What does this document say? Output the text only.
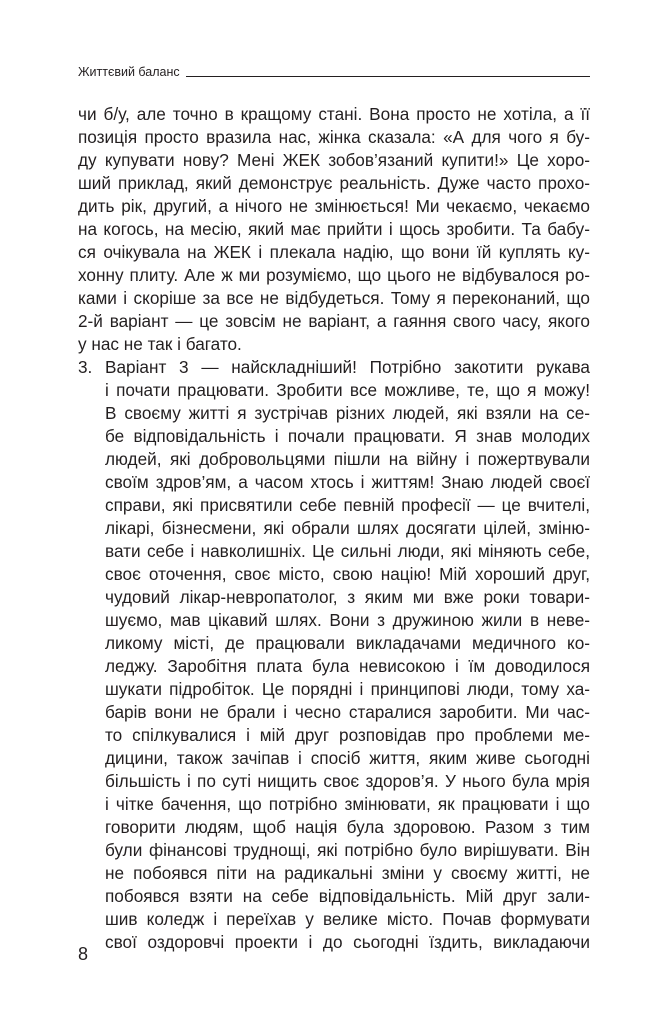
Життєвий баланс
чи б/у, але точно в кращому стані. Вона просто не хотіла, а її
позиція просто вразила нас, жінка сказала: «А для чого я бу-
ду купувати нову? Мені ЖЕК зобов’язаний купити!» Це хоро-
ший приклад, який демонструє реальність. Дуже часто прохо-
дить рік, другий, а нічого не змінюється! Ми чекаємо, чекаємо
на когось, на месію, який має прийти і щось зробити. Та бабу-
ся очікувала на ЖЕК і плекала надію, що вони їй куплять ку-
хонну плиту. Але ж ми розуміємо, що цього не відбувалося ро-
ками і скоріше за все не відбудеться. Тому я переконаний, що
2-й варіант — це зовсім не варіант, а гаяння свого часу, якого
у нас не так і багато.
3. Варіант 3 — найскладніший! Потрібно закотити рукава
і почати працювати. Зробити все можливе, те, що я можу!
В своєму житті я зустрічав різних людей, які взяли на се-
бе відповідальність і почали працювати. Я знав молодих
людей, які добровольцями пішли на війну і пожертвували
своїм здров’ям, а часом хтось і життям! Знаю людей своєї
справи, які присвятили себе певній професії — це вчителі,
лікарі, бізнесмени, які обрали шлях досягати цілей, зміню-
вати себе і навколишніх. Це сильні люди, які міняють себе,
своє оточення, своє місто, свою націю! Мій хороший друг,
чудовий лікар-невропатолог, з яким ми вже роки товари-
шуємо, мав цікавий шлях. Вони з дружиною жили в неве-
ликому місті, де працювали викладачами медичного ко-
леджу. Заробітня плата була невисокою і їм доводилося
шукати підробіток. Це порядні і принципові люди, тому ха-
барів вони не брали і чесно старалися заробити. Ми час-
то спілкувалися і мій друг розповідав про проблеми ме-
дицини, також зачіпав і спосіб життя, яким живе сьогодні
більшість і по суті нищить своє здоров’я. У нього була мрія
і чітке бачення, що потрібно змінювати, як працювати і що
говорити людям, щоб нація була здоровою. Разом з тим
були фінансові труднощі, які потрібно було вирішувати. Він
не побоявся піти на радикальні зміни у своєму житті, не
побоявся взяти на себе відповідальність. Мій друг зали-
шив коледж і переїхав у велике місто. Почав формувати
свої оздоровчі проекти і до сьогодні їздить, викладаючи
8
